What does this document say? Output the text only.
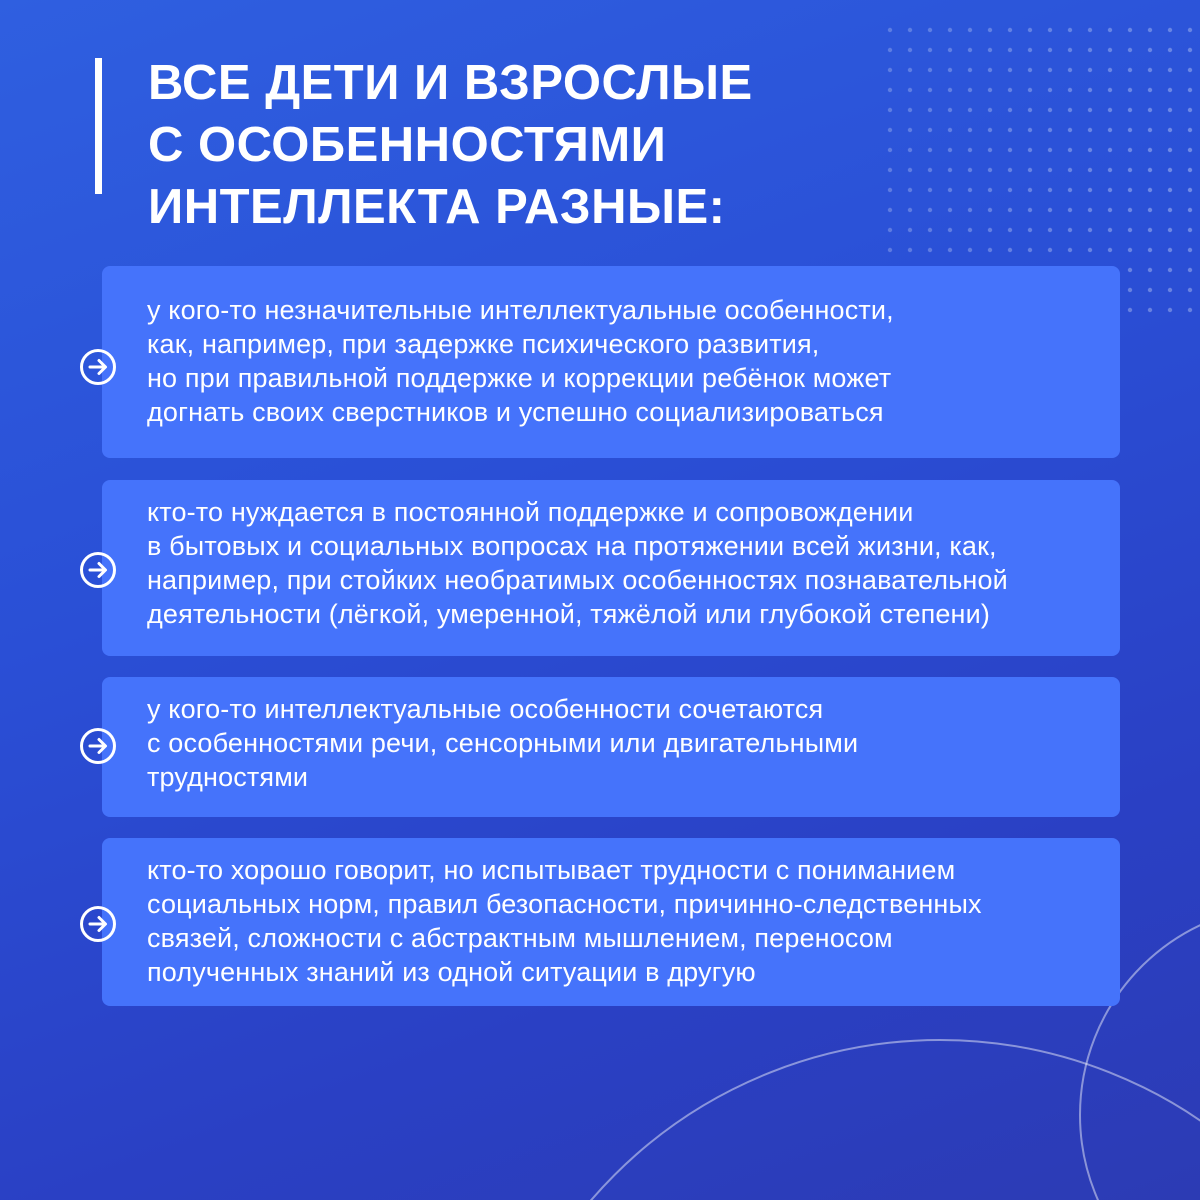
ВСЕ ДЕТИ И ВЗРОСЛЫЕ
С ОСОБЕННОСТЯМИ
ИНТЕЛЛЕКТА РАЗНЫЕ:
у кого-то незначительные интеллектуальные особенности,
как, например, при задержке психического развития,
но при правильной поддержке и коррекции ребёнок может
догнать своих сверстников и успешно социализироваться
кто-то нуждается в постоянной поддержке и сопровождении
в бытовых и социальных вопросах на протяжении всей жизни, как,
например, при стойких необратимых особенностях познавательной
деятельности (лёгкой, умеренной, тяжёлой или глубокой степени)
у кого-то интеллектуальные особенности сочетаются
с особенностями речи, сенсорными или двигательными
трудностями
кто-то хорошо говорит, но испытывает трудности с пониманием
социальных норм, правил безопасности, причинно-следственных
связей, сложности с абстрактным мышлением, переносом
полученных знаний из одной ситуации в другую
